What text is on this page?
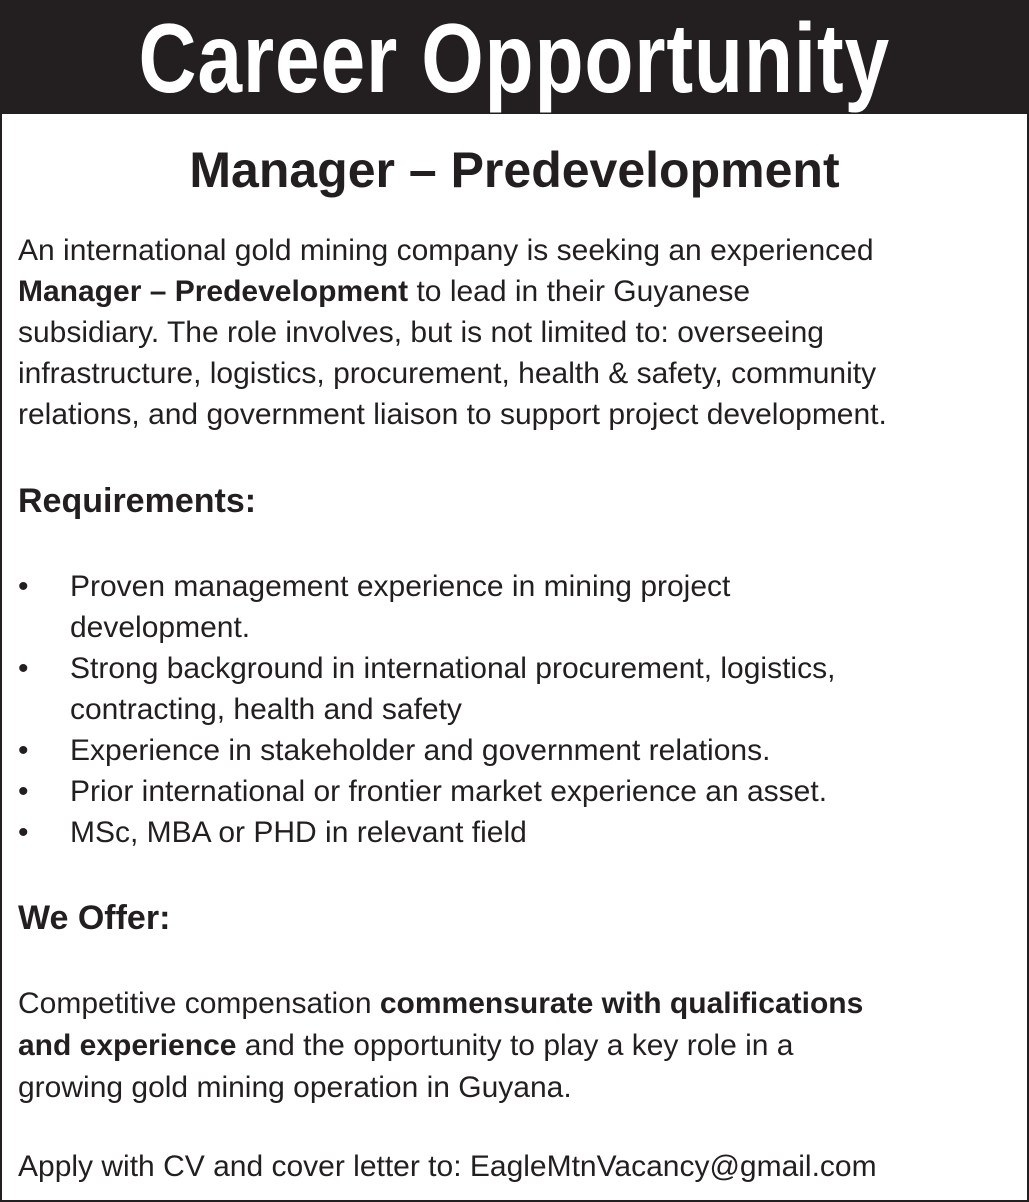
Career Opportunity
Manager – Predevelopment
An international gold mining company is seeking an experienced
Manager – Predevelopment to lead in their Guyanese
subsidiary. The role involves, but is not limited to: overseeing
infrastructure, logistics, procurement, health & safety, community
relations, and government liaison to support project development.
Requirements:
•	Proven management experience in mining project
development.
•	Strong background in international procurement, logistics,
contracting, health and safety
•	Experience in stakeholder and government relations.
•	Prior international or frontier market experience an asset.
•	MSc, MBA or PHD in relevant field
We Offer:
Competitive compensation commensurate with qualifications
and experience and the opportunity to play a key role in a
growing gold mining operation in Guyana.
Apply with CV and cover letter to: EagleMtnVacancy@gmail.com
